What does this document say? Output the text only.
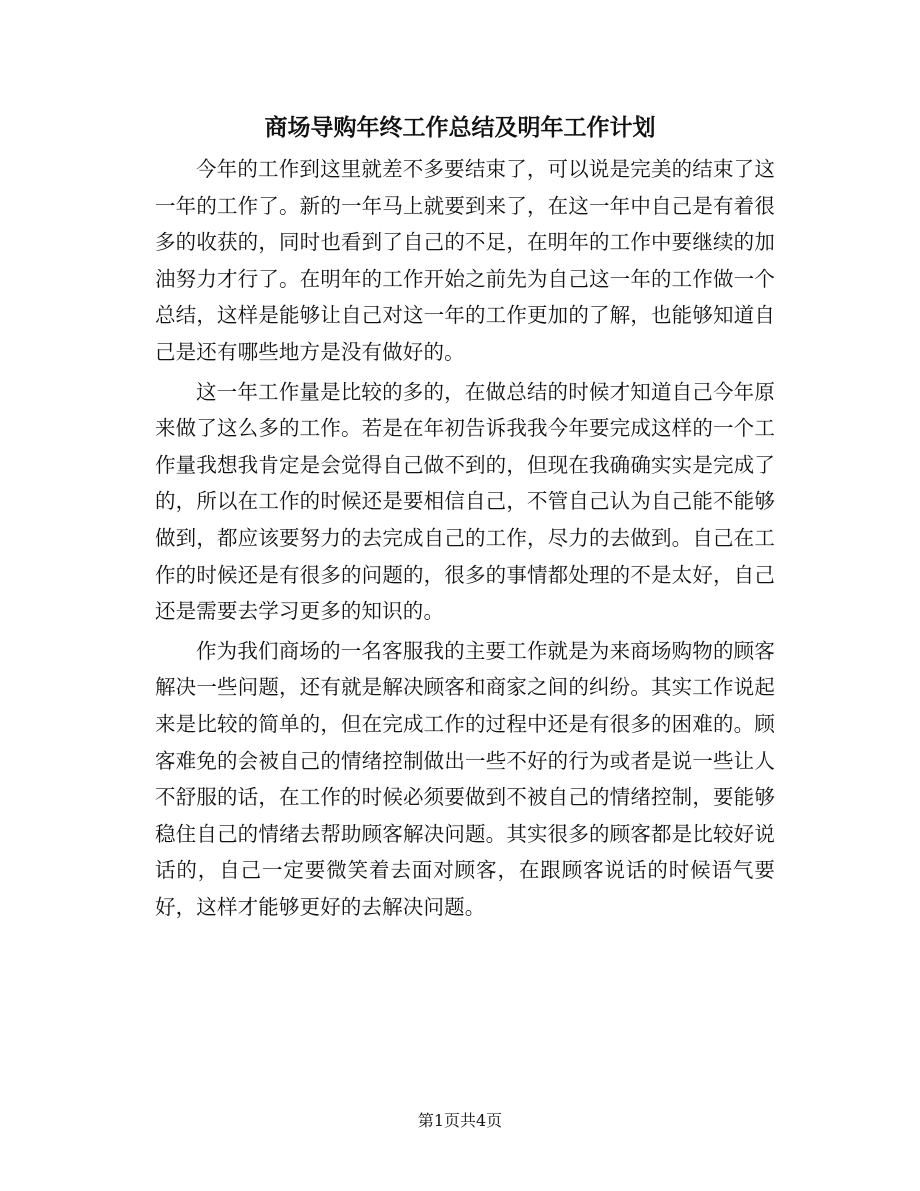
商场导购年终工作总结及明年工作计划

今年的工作到这里就差不多要结束了，可以说是完美的结束了这一年的工作了。新的一年马上就要到来了，在这一年中自己是有着很多的收获的，同时也看到了自己的不足，在明年的工作中要继续的加油努力才行了。在明年的工作开始之前先为自己这一年的工作做一个总结，这样是能够让自己对这一年的工作更加的了解，也能够知道自己是还有哪些地方是没有做好的。

这一年工作量是比较的多的，在做总结的时候才知道自己今年原来做了这么多的工作。若是在年初告诉我我今年要完成这样的一个工作量我想我肯定是会觉得自己做不到的，但现在我确确实实是完成了的，所以在工作的时候还是要相信自己，不管自己认为自己能不能够做到，都应该要努力的去完成自己的工作，尽力的去做到。自己在工作的时候还是有很多的问题的，很多的事情都处理的不是太好，自己还是需要去学习更多的知识的。

作为我们商场的一名客服我的主要工作就是为来商场购物的顾客解决一些问题，还有就是解决顾客和商家之间的纠纷。其实工作说起来是比较的简单的，但在完成工作的过程中还是有很多的困难的。顾客难免的会被自己的情绪控制做出一些不好的行为或者是说一些让人不舒服的话，在工作的时候必须要做到不被自己的情绪控制，要能够稳住自己的情绪去帮助顾客解决问题。其实很多的顾客都是比较好说话的，自己一定要微笑着去面对顾客，在跟顾客说话的时候语气要好，这样才能够更好的去解决问题。

第1页共4页
